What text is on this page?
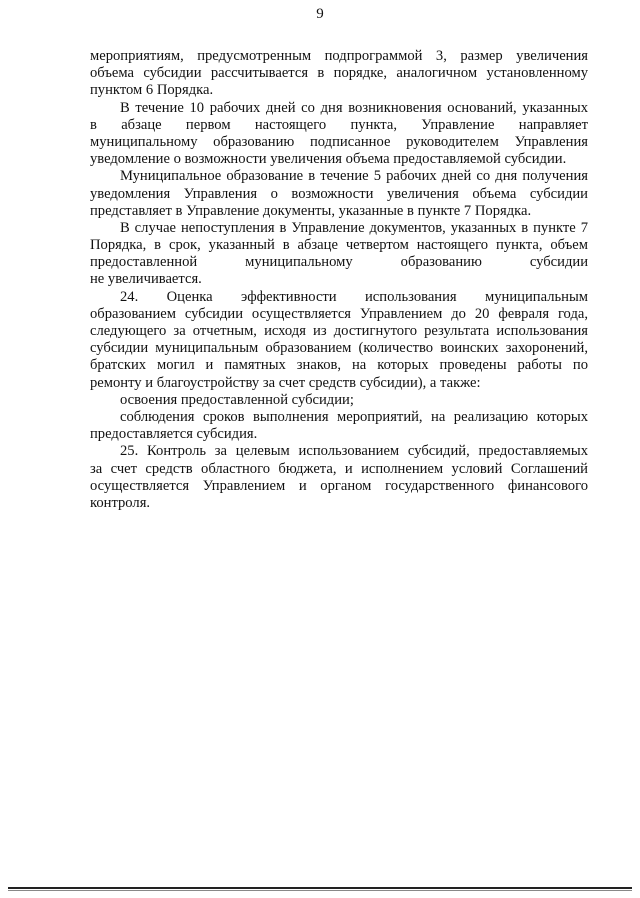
9
мероприятиям, предусмотренным подпрограммой 3, размер увеличения
объема субсидии рассчитывается в порядке, аналогичном установленному
пунктом 6 Порядка.
В течение 10 рабочих дней со дня возникновения оснований, указанных
в абзаце первом настоящего пункта, Управление направляет
муниципальному образованию подписанное руководителем Управления
уведомление о возможности увеличения объема предоставляемой субсидии.
Муниципальное образование в течение 5 рабочих дней со дня получения
уведомления Управления о возможности увеличения объема субсидии
представляет в Управление документы, указанные в пункте 7 Порядка.
В случае непоступления в Управление документов, указанных в пункте 7
Порядка, в срок, указанный в абзаце четвертом настоящего пункта, объем
предоставленной муниципальному образованию субсидии
не увеличивается.
24. Оценка эффективности использования муниципальным
образованием субсидии осуществляется Управлением до 20 февраля года,
следующего за отчетным, исходя из достигнутого результата использования
субсидии муниципальным образованием (количество воинских захоронений,
братских могил и памятных знаков, на которых проведены работы по
ремонту и благоустройству за счет средств субсидии), а также:
освоения предоставленной субсидии;
соблюдения сроков выполнения мероприятий, на реализацию которых
предоставляется субсидия.
25. Контроль за целевым использованием субсидий, предоставляемых
за счет средств областного бюджета, и исполнением условий Соглашений
осуществляется Управлением и органом государственного финансового
контроля.
